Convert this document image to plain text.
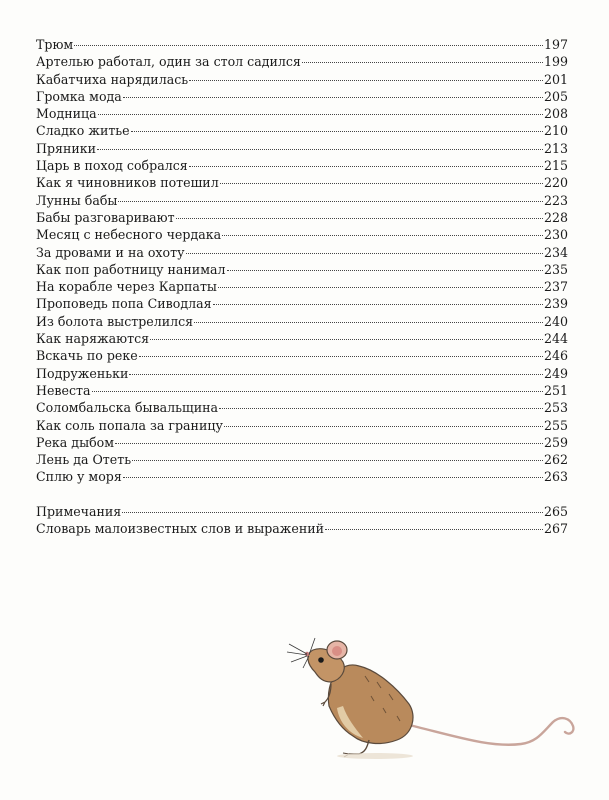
Трюм	197
Артелью работал, один за стол садился	199
Кабатчиха нарядилась	201
Громка мода	205
Модница	208
Сладко житье	210
Пряники	213
Царь в поход собрался	215
Как я чиновников потешил	220
Лунны бабы	223
Бабы разговаривают	228
Месяц с небесного чердака	230
За дровами и на охоту	234
Как поп работницу нанимал	235
На корабле через Карпаты	237
Проповедь попа Сиводлая	239
Из болота выстрелился	240
Как наряжаются	244
Вскачь по реке	246
Подруженьки	249
Невеста	251
Соломбальска бывальщина	253
Как соль попала за границу	255
Река дыбом	259
Лень да Отеть	262
Сплю у моря	263
Примечания	265
Словарь малоизвестных слов и выражений	267
